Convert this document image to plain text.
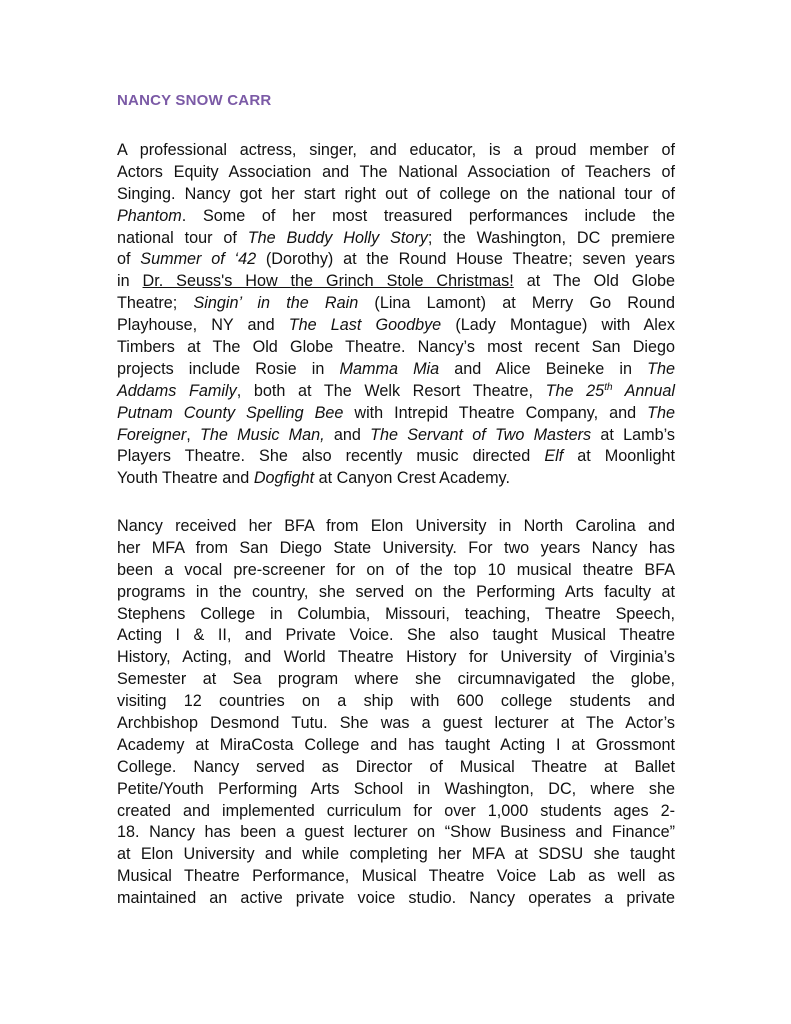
NANCY SNOW CARR
A professional actress, singer, and educator, is a proud member of
Actors Equity Association and The National Association of Teachers of
Singing. Nancy got her start right out of college on the national tour of
Phantom. Some of her most treasured performances include the
national tour of The Buddy Holly Story; the Washington, DC premiere
of Summer of ‘42 (Dorothy) at the Round House Theatre; seven years
in Dr. Seuss's How the Grinch Stole Christmas! at The Old Globe
Theatre; Singin’ in the Rain (Lina Lamont) at Merry Go Round
Playhouse, NY and The Last Goodbye (Lady Montague) with Alex
Timbers at The Old Globe Theatre. Nancy’s most recent San Diego
projects include Rosie in Mamma Mia and Alice Beineke in The
Addams Family, both at The Welk Resort Theatre, The 25th Annual
Putnam County Spelling Bee with Intrepid Theatre Company, and The
Foreigner, The Music Man, and The Servant of Two Masters at Lamb’s
Players Theatre. She also recently music directed Elf at Moonlight
Youth Theatre and Dogfight at Canyon Crest Academy.
Nancy received her BFA from Elon University in North Carolina and
her MFA from San Diego State University. For two years Nancy has
been a vocal pre-screener for on of the top 10 musical theatre BFA
programs in the country, she served on the Performing Arts faculty at
Stephens College in Columbia, Missouri, teaching, Theatre Speech,
Acting I & II, and Private Voice. She also taught Musical Theatre
History, Acting, and World Theatre History for University of Virginia’s
Semester at Sea program where she circumnavigated the globe,
visiting 12 countries on a ship with 600 college students and
Archbishop Desmond Tutu. She was a guest lecturer at The Actor’s
Academy at MiraCosta College and has taught Acting I at Grossmont
College. Nancy served as Director of Musical Theatre at Ballet
Petite/Youth Performing Arts School in Washington, DC, where she
created and implemented curriculum for over 1,000 students ages 2-
18. Nancy has been a guest lecturer on “Show Business and Finance”
at Elon University and while completing her MFA at SDSU she taught
Musical Theatre Performance, Musical Theatre Voice Lab as well as
maintained an active private voice studio. Nancy operates a private
